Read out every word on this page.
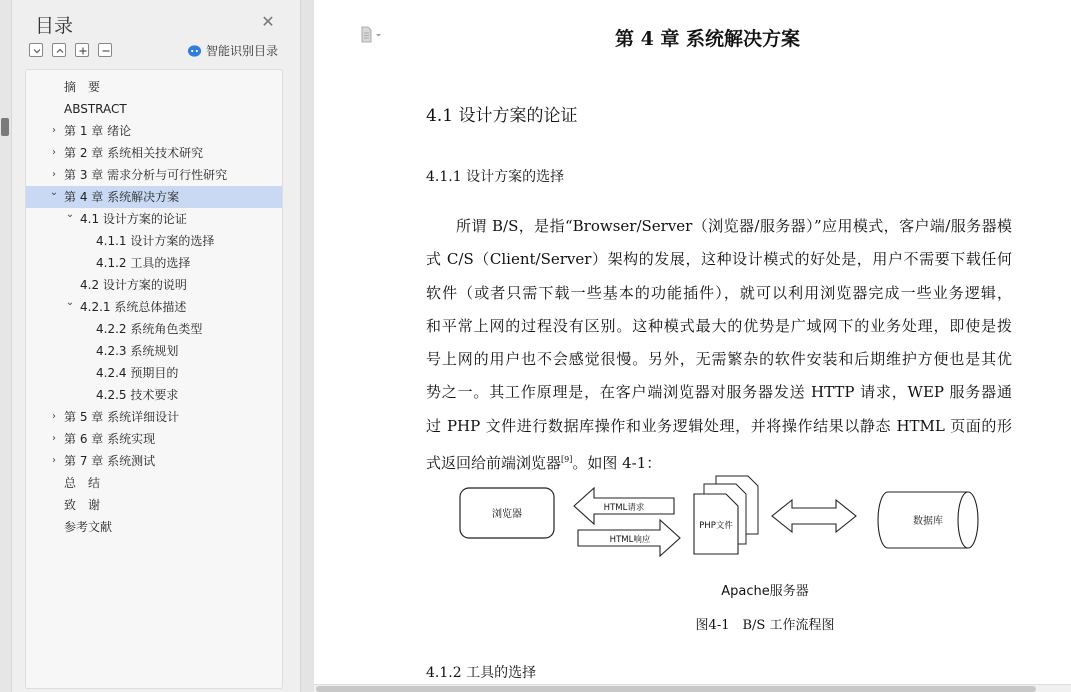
目录	✕
智能识别目录
摘　要
ABSTRACT
› 第 1 章 绪论
› 第 2 章 系统相关技术研究
› 第 3 章 需求分析与可行性研究
⌄ 第 4 章 系统解决方案
⌄ 4.1 设计方案的论证
4.1.1 设计方案的选择
4.1.2 工具的选择
4.2 设计方案的说明
⌄ 4.2.1 系统总体描述
4.2.2 系统角色类型
4.2.3 系统规划
4.2.4 预期目的
4.2.5 技术要求
› 第 5 章 系统详细设计
› 第 6 章 系统实现
› 第 7 章 系统测试
总　结
致　谢
参考文献
第 4 章 系统解决方案
4.1 设计方案的论证
4.1.1 设计方案的选择
所谓 B/S，是指“Browser/Server（浏览器/服务器）”应用模式，客户端/服务器模
式 C/S（Client/Server）架构的发展，这种设计模式的好处是，用户不需要下载任何
软件（或者只需下载一些基本的功能插件），就可以利用浏览器完成一些业务逻辑，
和平常上网的过程没有区别。这种模式最大的优势是广域网下的业务处理，即使是拨
号上网的用户也不会感觉很慢。另外，无需繁杂的软件安装和后期维护方便也是其优
势之一。其工作原理是，在客户端浏览器对服务器发送 HTTP 请求，WEP 服务器通
过 PHP 文件进行数据库操作和业务逻辑处理，并将操作结果以静态 HTML 页面的形
式返回给前端浏览器[9]。如图 4-1：
浏览器
HTML请求
HTML响应
PHP文件	数据库
Apache服务器
图4-1　B/S 工作流程图
4.1.2 工具的选择
